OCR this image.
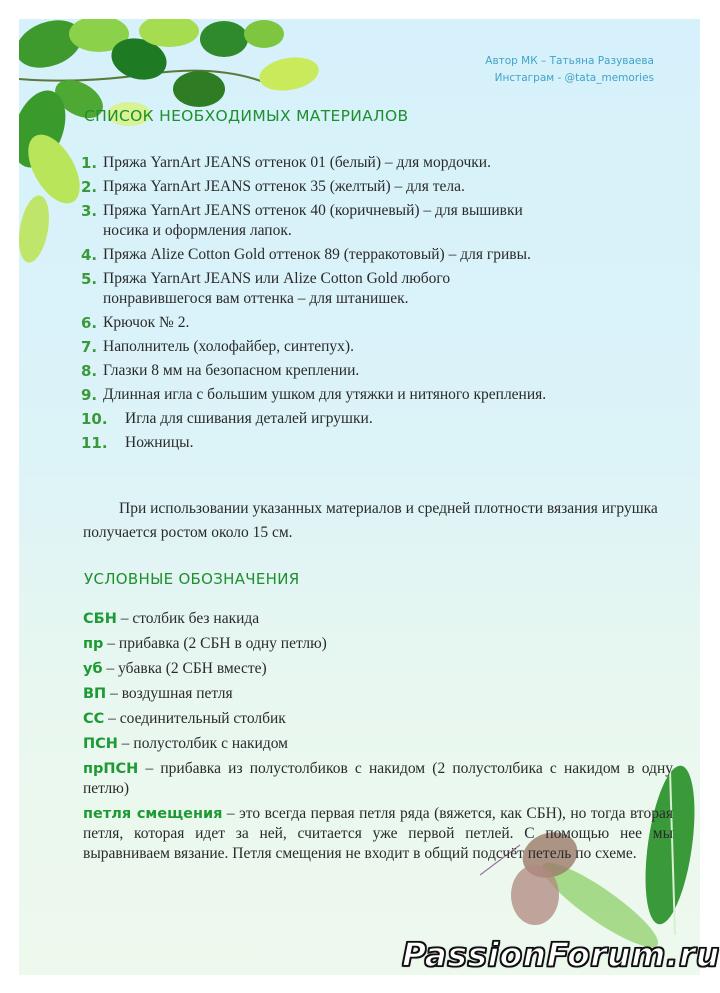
Автор МК – Татьяна Разуваева
Инстаграм - @tata_memories
СПИСОК НЕОБХОДИМЫХ МАТЕРИАЛОВ
1. Пряжа YarnArt JEANS оттенок 01 (белый) – для мордочки.
2. Пряжа YarnArt JEANS оттенок 35 (желтый) – для тела.
3. Пряжа YarnArt JEANS оттенок 40 (коричневый) – для вышивки носика и оформления лапок.
4. Пряжа Alize Cotton Gold оттенок 89 (терракотовый) – для гривы.
5. Пряжа YarnArt JEANS или Alize Cotton Gold любого понравившегося вам оттенка – для штанишек.
6. Крючок № 2.
7. Наполнитель (холофайбер, синтепух).
8. Глазки 8 мм на безопасном креплении.
9. Длинная игла с большим ушком для утяжки и нитяного крепления.
10. Игла для сшивания деталей игрушки.
11. Ножницы.
При использовании указанных материалов и средней плотности вязания игрушка получается ростом около 15 см.
УСЛОВНЫЕ ОБОЗНАЧЕНИЯ
СБН – столбик без накида
пр – прибавка (2 СБН в одну петлю)
уб – убавка (2 СБН вместе)
ВП – воздушная петля
СС – соединительный столбик
ПСН – полустолбик с накидом
прПСН – прибавка из полустолбиков с накидом (2 полустолбика с накидом в одну петлю)
петля смещения – это всегда первая петля ряда (вяжется, как СБН), но тогда вторая петля, которая идет за ней, считается уже первой петлей. С помощью нее мы выравниваем вязание. Петля смещения не входит в общий подсчёт петель по схеме.
PassionForum.ru
